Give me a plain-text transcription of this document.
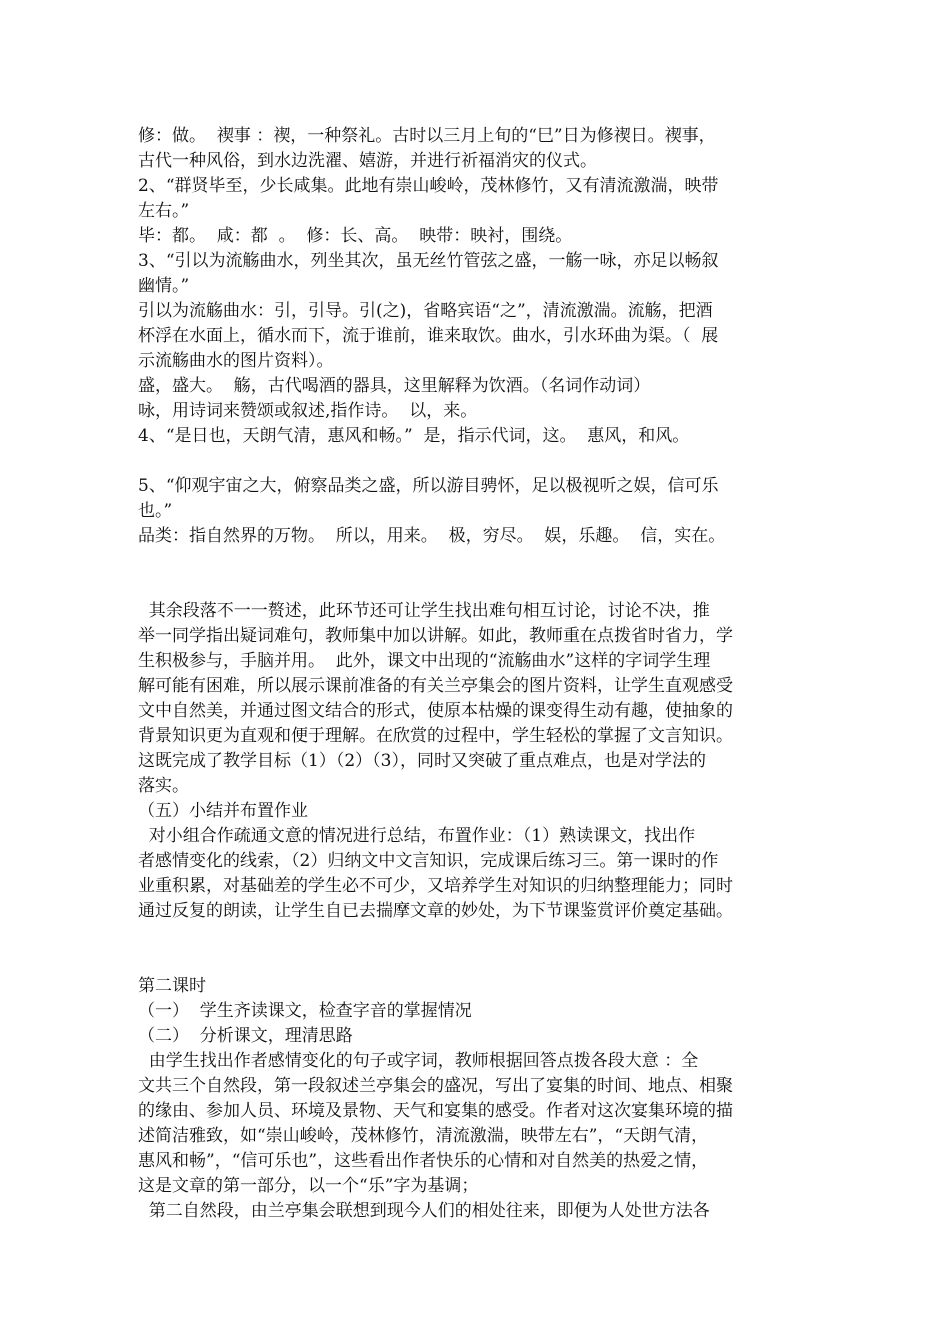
修：做。  禊事 ：禊，一种祭礼。古时以三月上旬的“巳”日为修禊日。禊事，
古代一种风俗，到水边洗濯、嬉游，并进行祈福消灾的仪式。
2、“群贤毕至，少长咸集。此地有崇山峻岭，茂林修竹，又有清流激湍，映带
左右。”
毕：都。  咸：都  。  修：长、高。  映带：映衬，围绕。
3、“引以为流觞曲水，列坐其次，虽无丝竹管弦之盛，一觞一咏，亦足以畅叙
幽情。”
引以为流觞曲水：引，引导。引(之)，省略宾语“之”，清流激湍。流觞，把酒
杯浮在水面上，循水而下，流于谁前，谁来取饮。曲水，引水环曲为渠。（  展
示流觞曲水的图片资料）。
盛，盛大。  觞，古代喝酒的器具，这里解释为饮酒。（名词作动词）
咏，用诗词来赞颂或叙述,指作诗。  以，来。
4、“是日也，天朗气清，惠风和畅。”  是，指示代词，这。  惠风，和风。
5、“仰观宇宙之大，俯察品类之盛，所以游目骋怀，足以极视听之娱，信可乐
也。”
品类：指自然界的万物。  所以，用来。  极，穷尽。  娱，乐趣。  信，实在。
其余段落不一一赘述，此环节还可让学生找出难句相互讨论，讨论不决，推
举一同学指出疑词难句，教师集中加以讲解。如此，教师重在点拨省时省力，学
生积极参与，手脑并用。  此外，课文中出现的“流觞曲水”这样的字词学生理
解可能有困难，所以展示课前准备的有关兰亭集会的图片资料，让学生直观感受
文中自然美，并通过图文结合的形式，使原本枯燥的课变得生动有趣，使抽象的
背景知识更为直观和便于理解。在欣赏的过程中，学生轻松的掌握了文言知识。
这既完成了教学目标（1）（2）（3），同时又突破了重点难点，也是对学法的
落实。
（五）小结并布置作业
对小组合作疏通文意的情况进行总结，布置作业：（1）熟读课文，找出作
者感情变化的线索，（2）归纳文中文言知识，完成课后练习三。第一课时的作
业重积累，对基础差的学生必不可少，又培养学生对知识的归纳整理能力；同时
通过反复的朗读，让学生自已去揣摩文章的妙处，为下节课鉴赏评价奠定基础。
第二课时
（一）  学生齐读课文，检查字音的掌握情况
（二）  分析课文，理清思路
由学生找出作者感情变化的句子或字词，教师根据回答点拨各段大意 ：全
文共三个自然段，第一段叙述兰亭集会的盛况，写出了宴集的时间、地点、相聚
的缘由、参加人员、环境及景物、天气和宴集的感受。作者对这次宴集环境的描
述简洁雅致，如“崇山峻岭，茂林修竹，清流激湍，映带左右”，“天朗气清，
惠风和畅”，“信可乐也”，这些看出作者快乐的心情和对自然美的热爱之情，
这是文章的第一部分，以一个“乐”字为基调；
第二自然段，由兰亭集会联想到现今人们的相处往来，即便为人处世方法各
